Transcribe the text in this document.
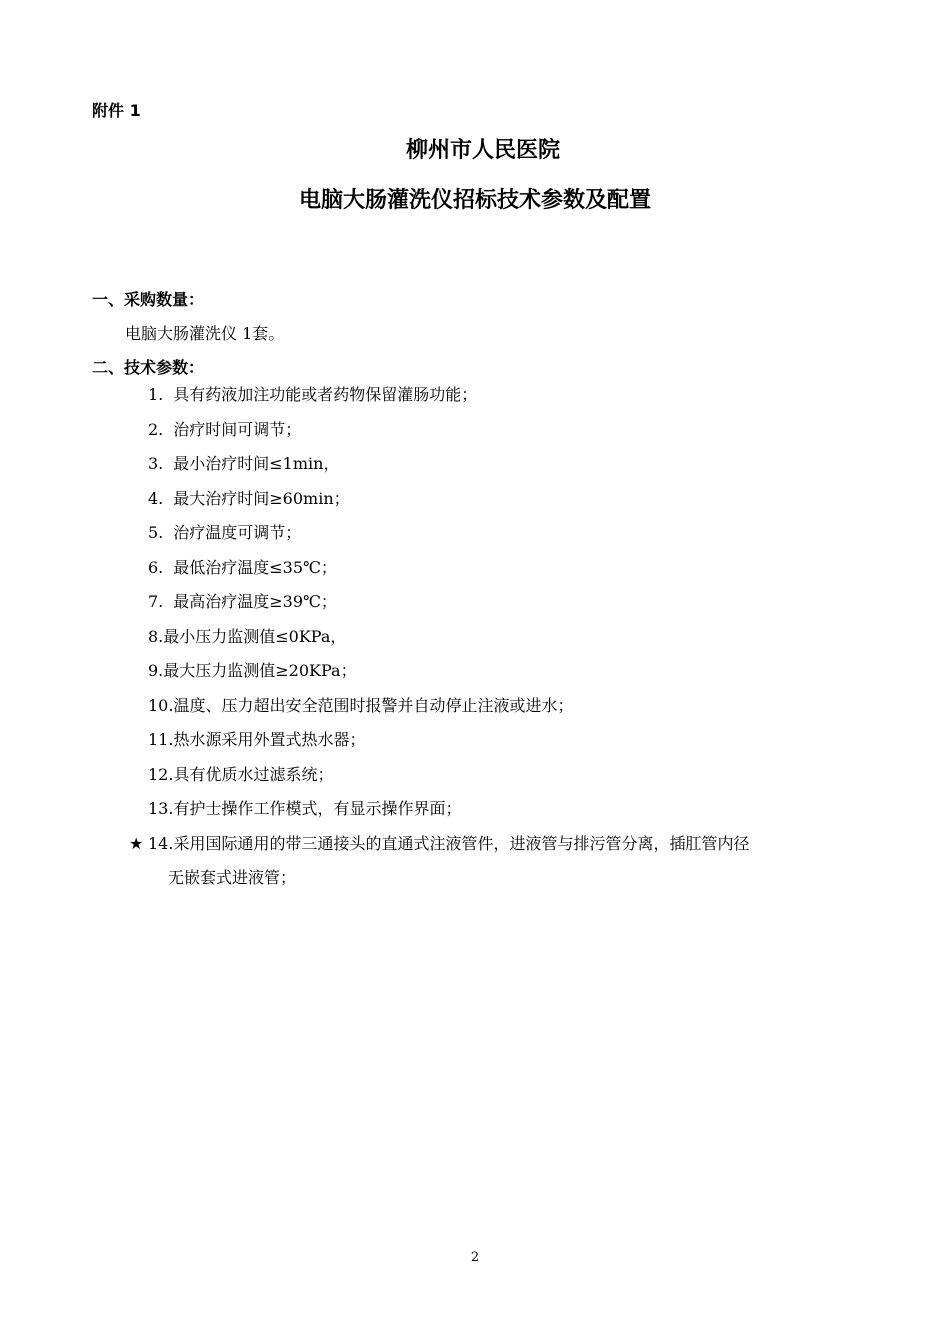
附件 1
柳州市人民医院
电脑大肠灌洗仪招标技术参数及配置
一、采购数量：
电脑大肠灌洗仪 1套。
二、技术参数：
1. 具有药液加注功能或者药物保留灌肠功能；
2. 治疗时间可调节；
3. 最小治疗时间≤1min，
4. 最大治疗时间≥60min；
5. 治疗温度可调节；
6. 最低治疗温度≤35℃；
7. 最高治疗温度≥39℃；
8.最小压力监测值≤0KPa，
9.最大压力监测值≥20KPa；
10.温度、压力超出安全范围时报警并自动停止注液或进水；
11.热水源采用外置式热水器；
12.具有优质水过滤系统；
13.有护士操作工作模式，有显示操作界面；
★ 14.采用国际通用的带三通接头的直通式注液管件，进液管与排污管分离，插肛管内径
无嵌套式进液管；
2
